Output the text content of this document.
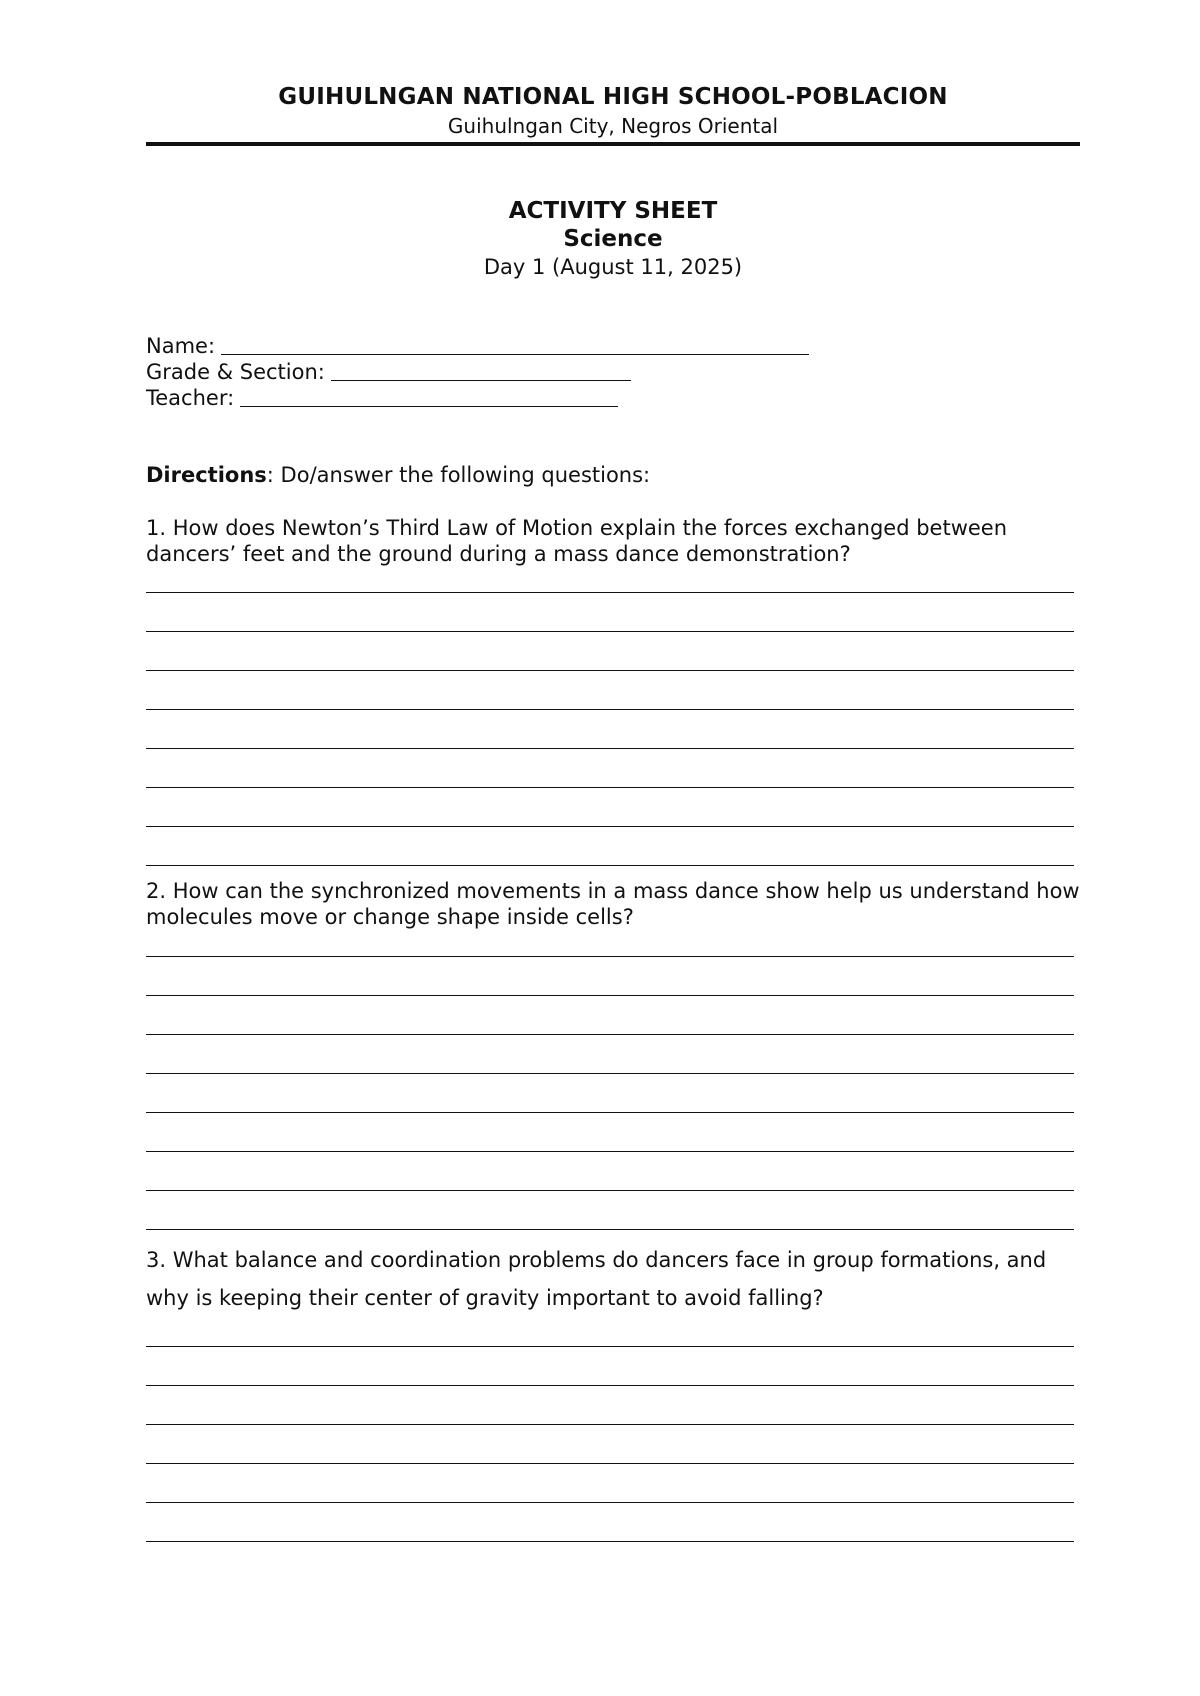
GUIHULNGAN NATIONAL HIGH SCHOOL-POBLACION
Guihulngan City, Negros Oriental
ACTIVITY SHEET
Science
Day 1 (August 11, 2025)
Name:
Grade & Section:
Teacher:
Directions: Do/answer the following questions:

1. How does Newton’s Third Law of Motion explain the forces exchanged between dancers’ feet and the ground during a mass dance demonstration?

2. How can the synchronized movements in a mass dance show help us understand how molecules move or change shape inside cells?

3. What balance and coordination problems do dancers face in group formations, and why is keeping their center of gravity important to avoid falling?
